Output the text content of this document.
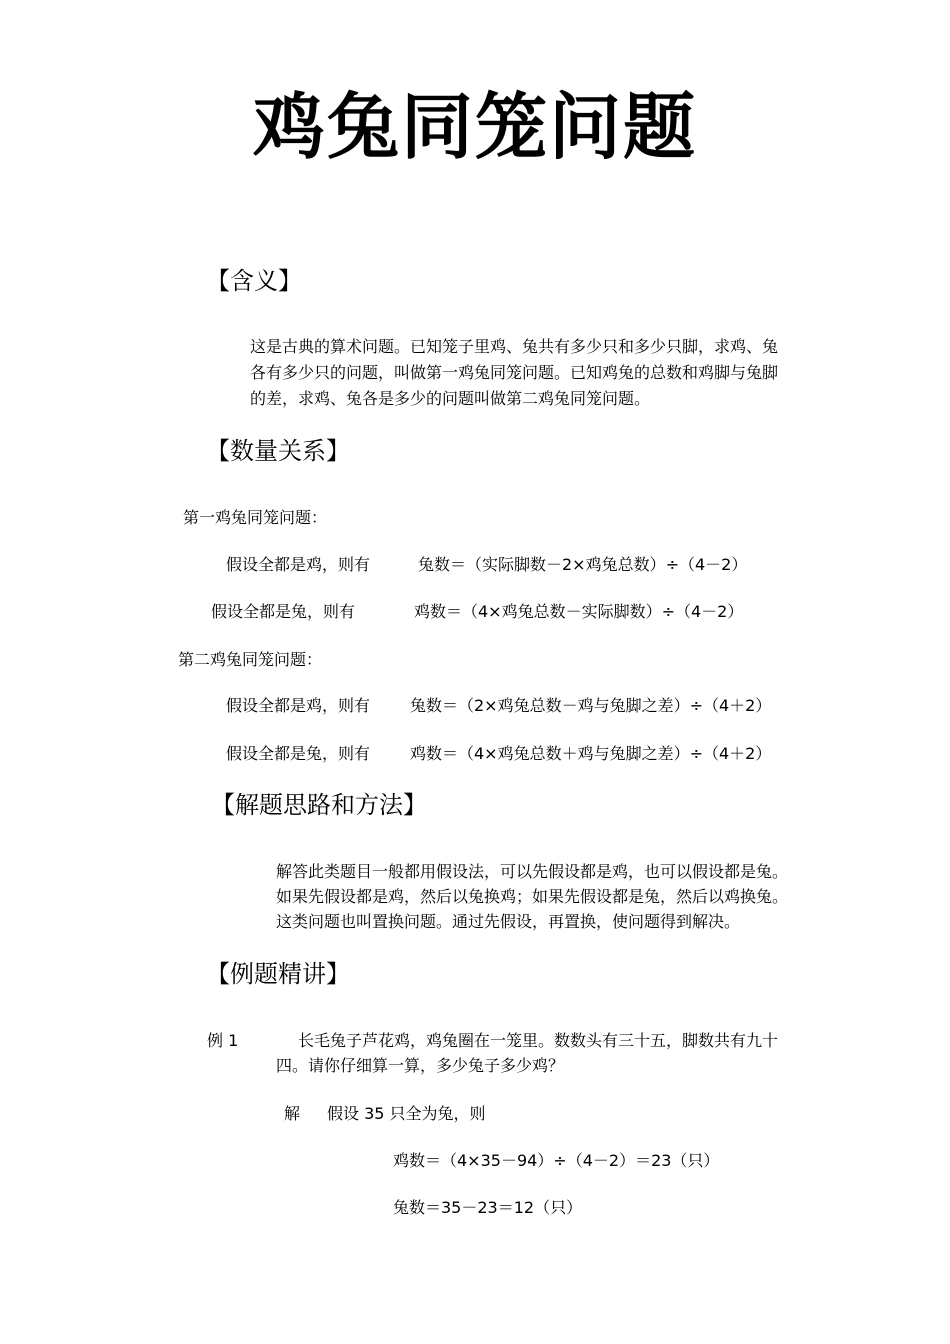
鸡兔同笼问题
【含义】
这是古典的算术问题。已知笼子里鸡、兔共有多少只和多少只脚，求鸡、兔
各有多少只的问题，叫做第一鸡兔同笼问题。已知鸡兔的总数和鸡脚与兔脚
的差，求鸡、兔各是多少的问题叫做第二鸡兔同笼问题。
【数量关系】
第一鸡兔同笼问题：
假设全都是鸡，则有	兔数＝（实际脚数－2×鸡兔总数）÷（4－2）
假设全都是兔，则有	鸡数＝（4×鸡兔总数－实际脚数）÷（4－2）
第二鸡兔同笼问题：
假设全都是鸡，则有 兔数＝（2×鸡兔总数－鸡与兔脚之差）÷（4＋2）
假设全都是兔，则有 鸡数＝（4×鸡兔总数＋鸡与兔脚之差）÷（4＋2）
【解题思路和方法】
解答此类题目一般都用假设法，可以先假设都是鸡，也可以假设都是兔。
如果先假设都是鸡，然后以兔换鸡；如果先假设都是兔，然后以鸡换兔。
这类问题也叫置换问题。通过先假设，再置换，使问题得到解决。
【例题精讲】
例 1	长毛兔子芦花鸡，鸡兔圈在一笼里。数数头有三十五，脚数共有九十
四。请你仔细算一算，多少兔子多少鸡？
解 假设 35 只全为兔，则
鸡数＝（4×35－94）÷（4－2）＝23（只）
兔数＝35－23＝12（只）
